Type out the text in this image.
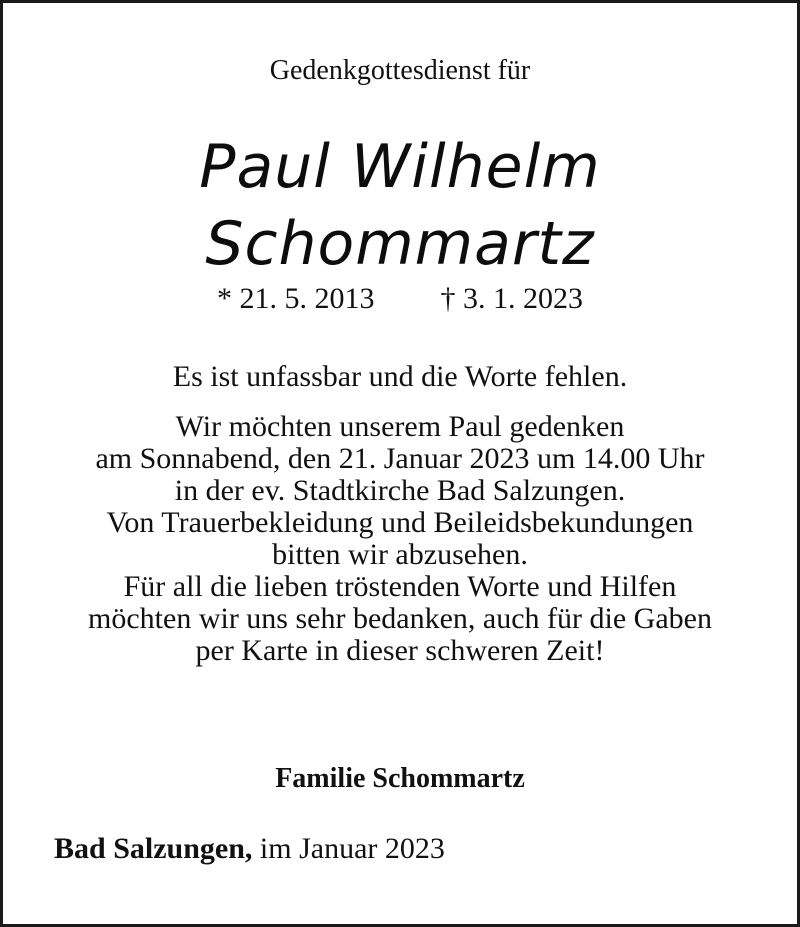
Gedenkgottesdienst für
Paul Wilhelm
Schommartz
* 21. 5. 2013 † 3. 1. 2023
Es ist unfassbar und die Worte fehlen.
Wir möchten unserem Paul gedenken
am Sonnabend, den 21. Januar 2023 um 14.00 Uhr
in der ev. Stadtkirche Bad Salzungen.
Von Trauerbekleidung und Beileidsbekundungen
bitten wir abzusehen.
Für all die lieben tröstenden Worte und Hilfen
möchten wir uns sehr bedanken, auch für die Gaben
per Karte in dieser schweren Zeit!
Familie Schommartz
Bad Salzungen, im Januar 2023
